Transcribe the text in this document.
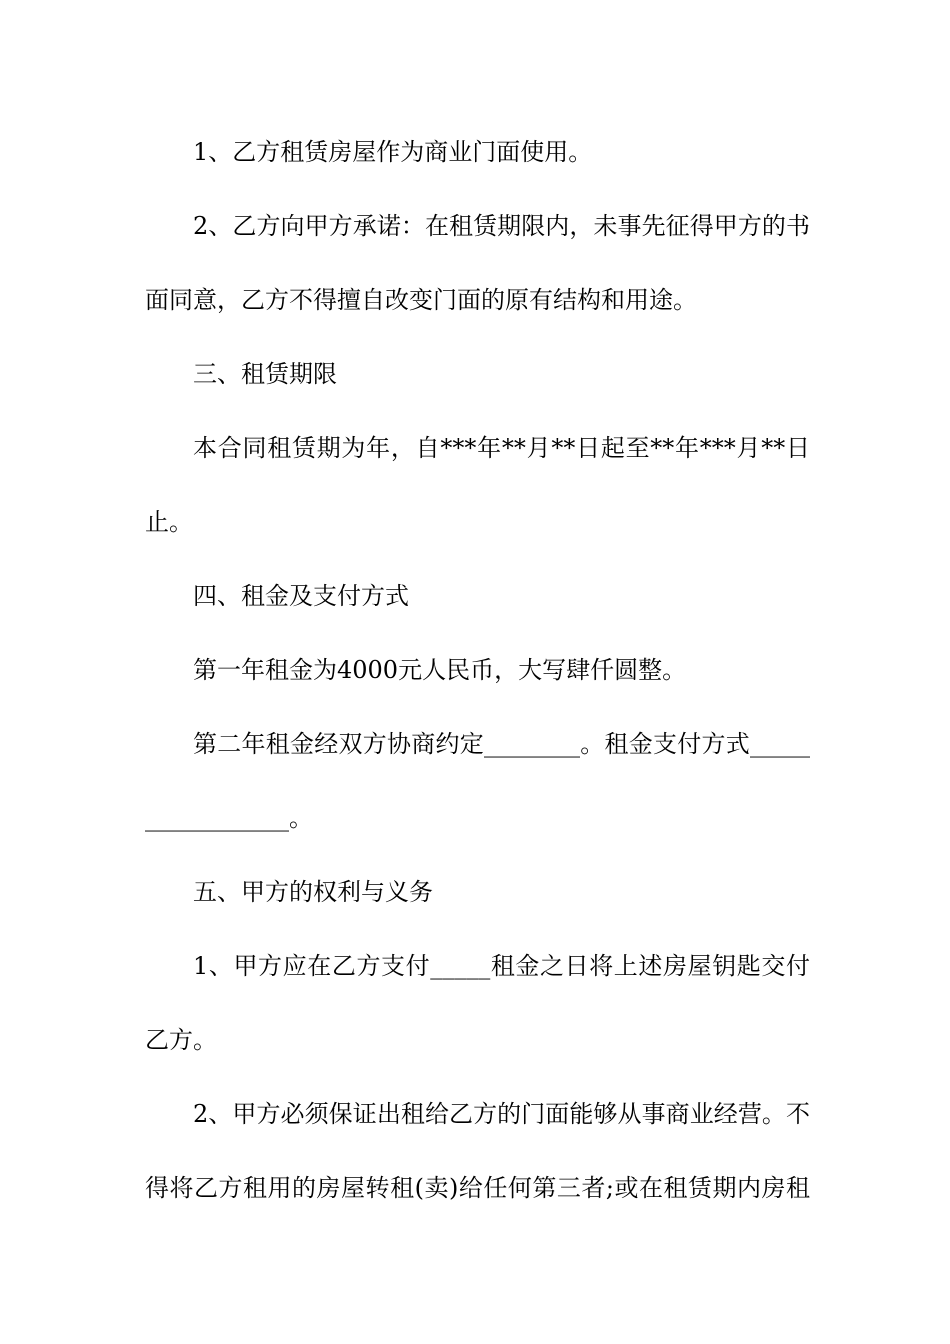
1、乙方租赁房屋作为商业门面使用。
2、乙方向甲方承诺：在租赁期限内，未事先征得甲方的书
面同意，乙方不得擅自改变门面的原有结构和用途。
三、租赁期限
本合同租赁期为年，自***年**月**日起至**年***月**日
止。
四、租金及支付方式
第一年租金为4000元人民币，大写肆仟圆整。
第二年租金经双方协商约定________。租金支付方式_____
____________。
五、甲方的权利与义务
1、甲方应在乙方支付_____租金之日将上述房屋钥匙交付
乙方。
2、甲方必须保证出租给乙方的门面能够从事商业经营。不
得将乙方租用的房屋转租(卖)给任何第三者;或在租赁期内房租
